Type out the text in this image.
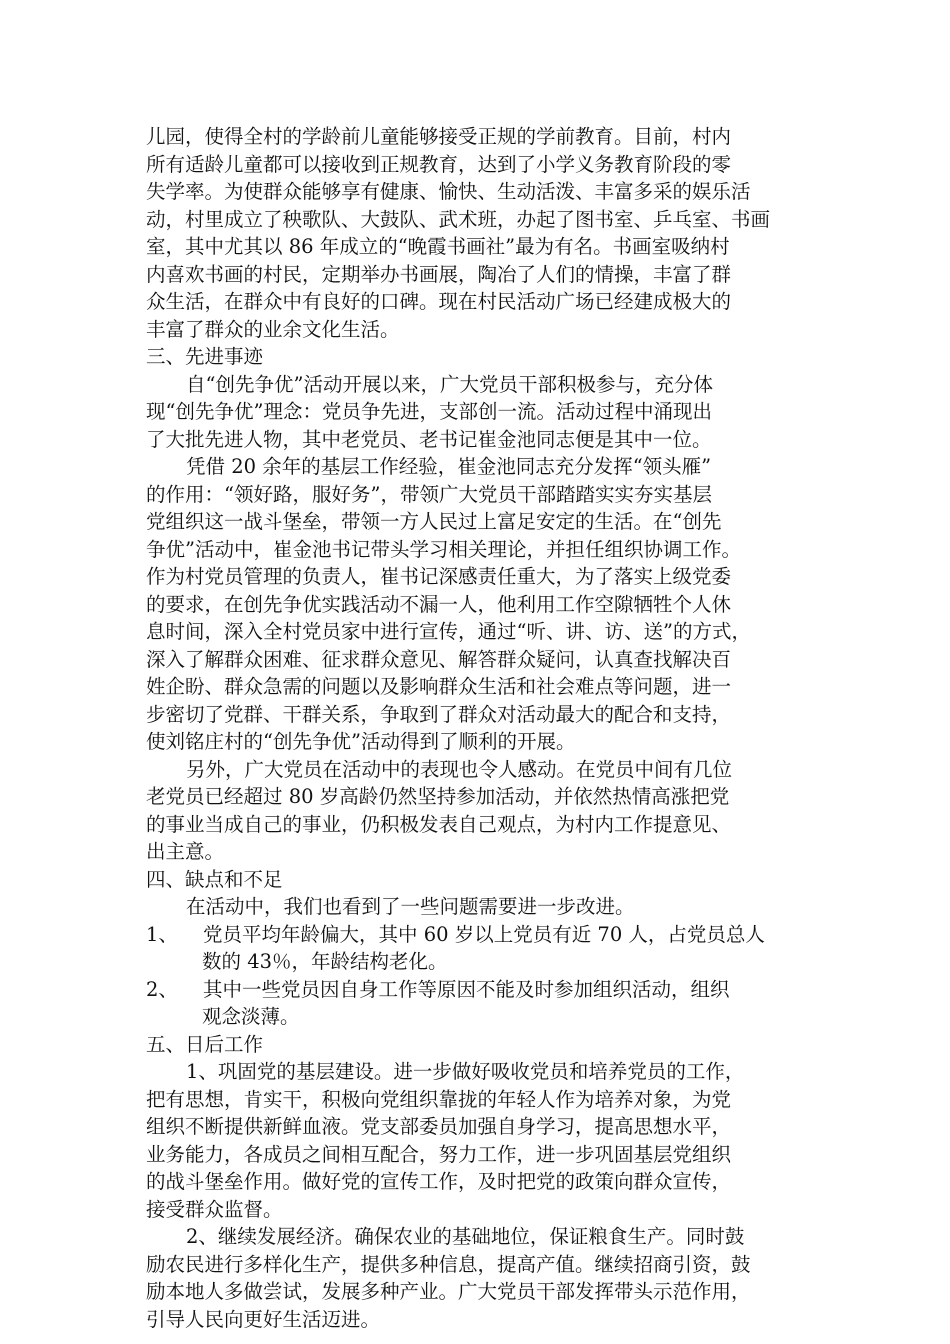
儿园，使得全村的学龄前儿童能够接受正规的学前教育。目前，村内
所有适龄儿童都可以接收到正规教育，达到了小学义务教育阶段的零
失学率。为使群众能够享有健康、愉快、生动活泼、丰富多采的娱乐活
动，村里成立了秧歌队、大鼓队、武术班，办起了图书室、乒乓室、书画
室，其中尤其以 86 年成立的“晚霞书画社”最为有名。书画室吸纳村
内喜欢书画的村民，定期举办书画展，陶冶了人们的情操，丰富了群
众生活，在群众中有良好的口碑。现在村民活动广场已经建成极大的
丰富了群众的业余文化生活。
三、先进事迹
自“创先争优”活动开展以来，广大党员干部积极参与，充分体
现“创先争优”理念：党员争先进，支部创一流。活动过程中涌现出
了大批先进人物，其中老党员、老书记崔金池同志便是其中一位。
凭借 20 余年的基层工作经验，崔金池同志充分发挥“领头雁”
的作用：“领好路，服好务”，带领广大党员干部踏踏实实夯实基层
党组织这一战斗堡垒，带领一方人民过上富足安定的生活。在“创先
争优”活动中，崔金池书记带头学习相关理论，并担任组织协调工作。
作为村党员管理的负责人，崔书记深感责任重大，为了落实上级党委
的要求，在创先争优实践活动不漏一人，他利用工作空隙牺牲个人休
息时间，深入全村党员家中进行宣传，通过“听、讲、访、送”的方式，
深入了解群众困难、征求群众意见、解答群众疑问，认真查找解决百
姓企盼、群众急需的问题以及影响群众生活和社会难点等问题，进一
步密切了党群、干群关系，争取到了群众对活动最大的配合和支持，
使刘铭庄村的“创先争优”活动得到了顺利的开展。
另外，广大党员在活动中的表现也令人感动。在党员中间有几位
老党员已经超过 80 岁高龄仍然坚持参加活动，并依然热情高涨把党
的事业当成自己的事业，仍积极发表自己观点，为村内工作提意见、
出主意。
四、缺点和不足
在活动中，我们也看到了一些问题需要进一步改进。
1、 党员平均年龄偏大，其中 60 岁以上党员有近 70 人，占党员总人
数的 43％，年龄结构老化。
2、 其中一些党员因自身工作等原因不能及时参加组织活动，组织
观念淡薄。
五、日后工作
1、巩固党的基层建设。进一步做好吸收党员和培养党员的工作，
把有思想，肯实干，积极向党组织靠拢的年轻人作为培养对象，为党
组织不断提供新鲜血液。党支部委员加强自身学习，提高思想水平，
业务能力，各成员之间相互配合，努力工作，进一步巩固基层党组织
的战斗堡垒作用。做好党的宣传工作，及时把党的政策向群众宣传，
接受群众监督。
2、继续发展经济。确保农业的基础地位，保证粮食生产。同时鼓
励农民进行多样化生产，提供多种信息，提高产值。继续招商引资，鼓
励本地人多做尝试，发展多种产业。广大党员干部发挥带头示范作用，
引导人民向更好生活迈进。
